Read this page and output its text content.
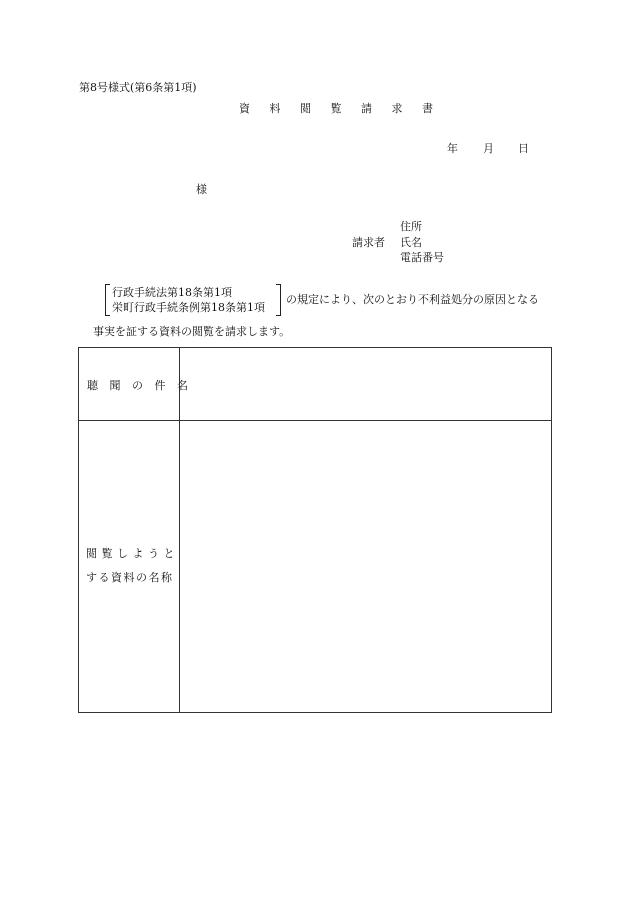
第8号様式(第6条第1項)
資 料 閲 覧 請 求 書
年 月 日
様
住所
請求者 氏名
電話番号
行政手続法第18条第1項
栄町行政手続条例第18条第1項
の規定により、次のとおり不利益処分の原因となる
事実を証する資料の閲覧を請求します。
聴 聞 の 件 名
閲覧しようと
する資料の名称
